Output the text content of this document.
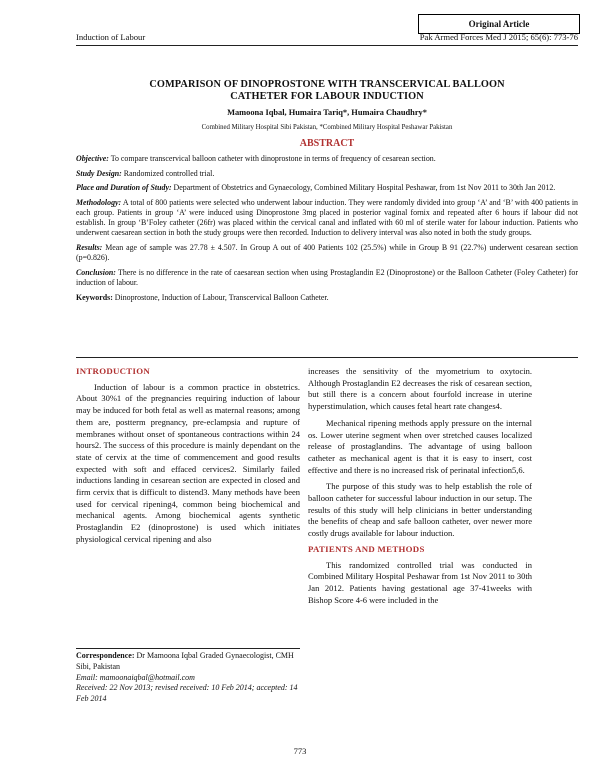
Original Article
Induction of Labour	Pak Armed Forces Med J 2015; 65(6): 773-76
COMPARISON OF DINOPROSTONE WITH TRANSCERVICAL BALLOON
CATHETER FOR LABOUR INDUCTION
Mamoona Iqbal, Humaira Tariq*, Humaira Chaudhry*
Combined Military Hospital Sibi Pakistan, *Combined Military Hospital Peshawar Pakistan
ABSTRACT

Objective: To compare transcervical balloon catheter with dinoprostone in terms of frequency of cesarean section.

Study Design: Randomized controlled trial.

Place and Duration of Study: Department of Obstetrics and Gynaecology, Combined Military Hospital Peshawar, from 1st Nov 2011 to 30th Jan 2012.

Methodology: A total of 800 patients were selected who underwent labour induction. They were randomly divided into group ‘A’ and ‘B’ with 400 patients in each group. Patients in group ‘A’ were induced using Dinoprostone 3mg placed in posterior vaginal fornix and repeated after 6 hours if labour did not establish. In group ‘B’Foley catheter (26fr) was placed within the cervical canal and inflated with 60 ml of sterile water for labour induction. Patients who underwent caesarean section in both the study groups were then recorded. Induction to delivery interval was also noted in both the study groups.

Results: Mean age of sample was 27.78 ± 4.507. In Group A out of 400 Patients 102 (25.5%) while in Group B 91 (22.7%) underwent cesarean section (p=0.826).

Conclusion: There is no difference in the rate of caesarean section when using Prostaglandin E2 (Dinoprostone) or the Balloon Catheter (Foley Catheter) for induction of labour.

Keywords: Dinoprostone, Induction of Labour, Transcervical Balloon Catheter.

INTRODUCTION

Induction of labour is a common practice in obstetrics. About 30%1 of the pregnancies requiring induction of labour may be induced for both fetal as well as maternal reasons; among them are, postterm pregnancy, pre-eclampsia and rupture of membranes without onset of spontaneous contractions within 24 hours2. The success of this procedure is mainly dependant on the state of cervix at the time of commencement and good results expected with soft and effaced cervices2. Similarly failed inductions landing in cesarean section are expected in closed and firm cervix that is difficult to distend3. Many methods have been used for cervical ripening4, common being biochemical and mechanical agents. Among biochemical agents synthetic Prostaglandin E2 (dinoprostone) is used which initiates physiological cervical ripening and also

increases the sensitivity of the myometrium to oxytocin. Although Prostaglandin E2 decreases the risk of cesarean section, but still there is a concern about fourfold increase in uterine hyperstimulation, which causes fetal heart rate changes4.

Mechanical ripening methods apply pressure on the internal os. Lower uterine segment when over stretched causes localized release of prostaglandins. The advantage of using balloon catheter as mechanical agent is that it is easy to insert, cost effective and there is no increased risk of perinatal infection5,6.

The purpose of this study was to help establish the role of balloon catheter for successful labour induction in our setup. The results of this study will help clinicians in better understanding the benefits of cheap and safe balloon catheter, over newer more costly drugs available for labour induction.

PATIENTS AND METHODS

This randomized controlled trial was conducted in Combined Military Hospital Peshawar from 1st Nov 2011 to 30th Jan 2012. Patients having gestational age 37-41weeks with Bishop Score 4-6 were included in the

Correspondence: Dr Mamoona Iqbal Graded Gynaecologist, CMH Sibi, Pakistan
Email: mamoonaiqbal@hotmail.com
Received: 22 Nov 2013; revised received: 10 Feb 2014; accepted: 14 Feb 2014
773
